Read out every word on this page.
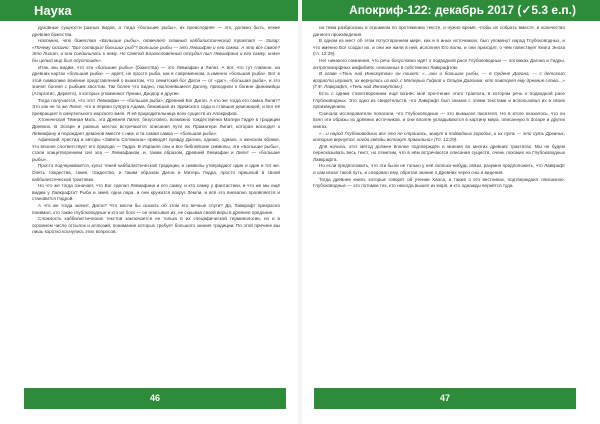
Наука	Апокриф-122: декабрь 2017 (✓5.3 е.п.)

духовные сущности разных видов, а тогда «большие рыбы», их преисподняя — это, должно быть, некие древние божества.

Напомню, что божества «Большие рыбы», отвечает главный каббалистический трактат — Зогар: «Почему сказано: "Бог сотворил больших рыб"? Большие рыбы — это Левиафан и его самка. А это все самое? Это Лилит, и она соединилась к нему. Но Святой Благословенный отсудил пыл Левиафана и его самку, иначе бы целый мир был опустошён».

Итак, мы видим, что эти «большие рыбы» (божества) — это Левиафан и Лилит. А вот, что тут главное, на древних картах «большая рыба» — адепт, не просто рыба, как в современном, а именно «большая рыба». Вот в этой символике влияние представлений о выжатом, что семитский бог Дагон — от «даг», «большая рыба», и это значит богиня с рыбьим хвостом. Так более что видно, поклонявшиеся Дагону, приходили к богине финикийцы (Атаргатис, Деркето), о которых упоминают Лукиан, Диодор и другие.

Тогда получается, что этот Левиафан — «большая рыба», Древний Бог Дагон. А кто же тогда его самка Лилит? Это как не та же Лилит, что и первая супруга Адама, бежавшая из Эдемского сада и ставшая демоницей, и Бог её превращает в смертельного морского змея. Я её прародительница всех существ из Апокрифов.

Хтоническая Тёмная Мать, эта Древняя Лилит, безусловно, возможно тождественна Матери Гидре в традиции Древних. В Зогаре и равных местах встречаются описания пути их Праматери Лилит, которая восходит к Левиафану и порождает демонов вместе с ним, и та самая самка — «большая рыба».

Афинский Аристид и авторы «Завета Соломона» приводят правду Дагона, однако, однако, о женском облике, что вполне соответствует его природе — Гидра. В Израиле они и все библейские символы, эти «Большие рыбы», стали олицетворением сил зла — Левиафаном, и, таким образом, Древний Левиафан и Лилит — «большие рыбы».

Просто подчеркивается, культ теней каббалистической традиции, и символы утверждают один и один и тот же. Опять тождества, такие, тождество, и таким образом Дагон и Матерь Гидра, просто пришлый в своей каббалистической трактовке.

Но что же тогда означает, что Бог сделал Левиафана и его самку, и кто самку у фантастики, и что же мы ещё видим у Лавкрафта? Рыба и змей, одна пара, и они кружатся вокруг Земли, и всё это внезапно проявляется и становится Гидрой.

А что же тогда значит, Дагон? Что могли бы сказать об этом его вечные слуги? Да, Лавкрафт прекрасно понимал, кто такие глубоководные и кто их боги — он описывал их, не скрывая своей веры в древнее предание.

Сложность каббалистических текстов заключается не только в их специфической терминологии, но и в огромном числе отсылок и аллюзий, понимание которых требует большого знания традиции. По этой причине мы лишь коротко коснулись этих вопросов.

на тема разбросаны в огромном по протяжению тексте, и нужно время, чтобы их собрать вместе, и количество данного произведения.

В одном из мест об этом потустороннем мире, как и в иных источниках, был упомянут народ Глубоководных, и что именно Бог создал их, и они же жили в ней, исполняя Его волю, и они приходят, о чём повествует Книга Эноха (гл. 12:29).

Нет никакого сомнения, что речь безусловно идёт о подводной расе Глубоководных — потомках Дагона и Гидры, антропоморфных амфибиях, описанных в собственно Лавкрафтом.

В главе «Тень над Иннсмутом» он пишет: «…они и большие рыбы, — в Ордене Дагона, — с детского возраста играют, их вернулись из вод, с Матерью Гидрой и Отцом Дагоном, кто повторял ему древние слова…» (Г.Ф. Лавкрафт, «Тень над Иннсмутом»).

Есть с одним стихотворением ещё вознёс моё прочтение этого трактата, в котором речь о подводной расе Глубоководных. Это одно из свидетельств, что Лавкрафт был знаком с этими текстами и использовал их в своих произведениях.

Сначала исследователи полагали, что Глубоководные — это вымысел писателя. Но в итоге оказалось, что он взял эти образы из древних источников, и они вполне укладываются в картину мира, описанную в Зогаре и других книгах.

«…и народ Глубоководных все это не страшась, живут в подводных городах, и их путь — это путь Древних, которые вернутся, когда звёзды встанут правильно» (Гл. 12:29).

Для начала, этот метод должен вполне подтверждён и мнения во многих древних трактатах. Мы не будем пересказывать весь текст, но отметим, что в нём встречаются описания существ, очень похожих на Глубоководных Лавкрафта.

Но если предположить, что эти были не только у неё сколько-нибудь связи, разумно предположить, что Лавкрафт и сам искал такой путь, и следовал ему, обретая знание о Древних через сны и видения.

Тогда древние книги, которые говорят об учении Хаоса, а также о его вестниках, подтверждают описанное. Глубоководные — это потомки тех, кто некогда вышел из моря, и кто однажды вернётся туда.

46	47
